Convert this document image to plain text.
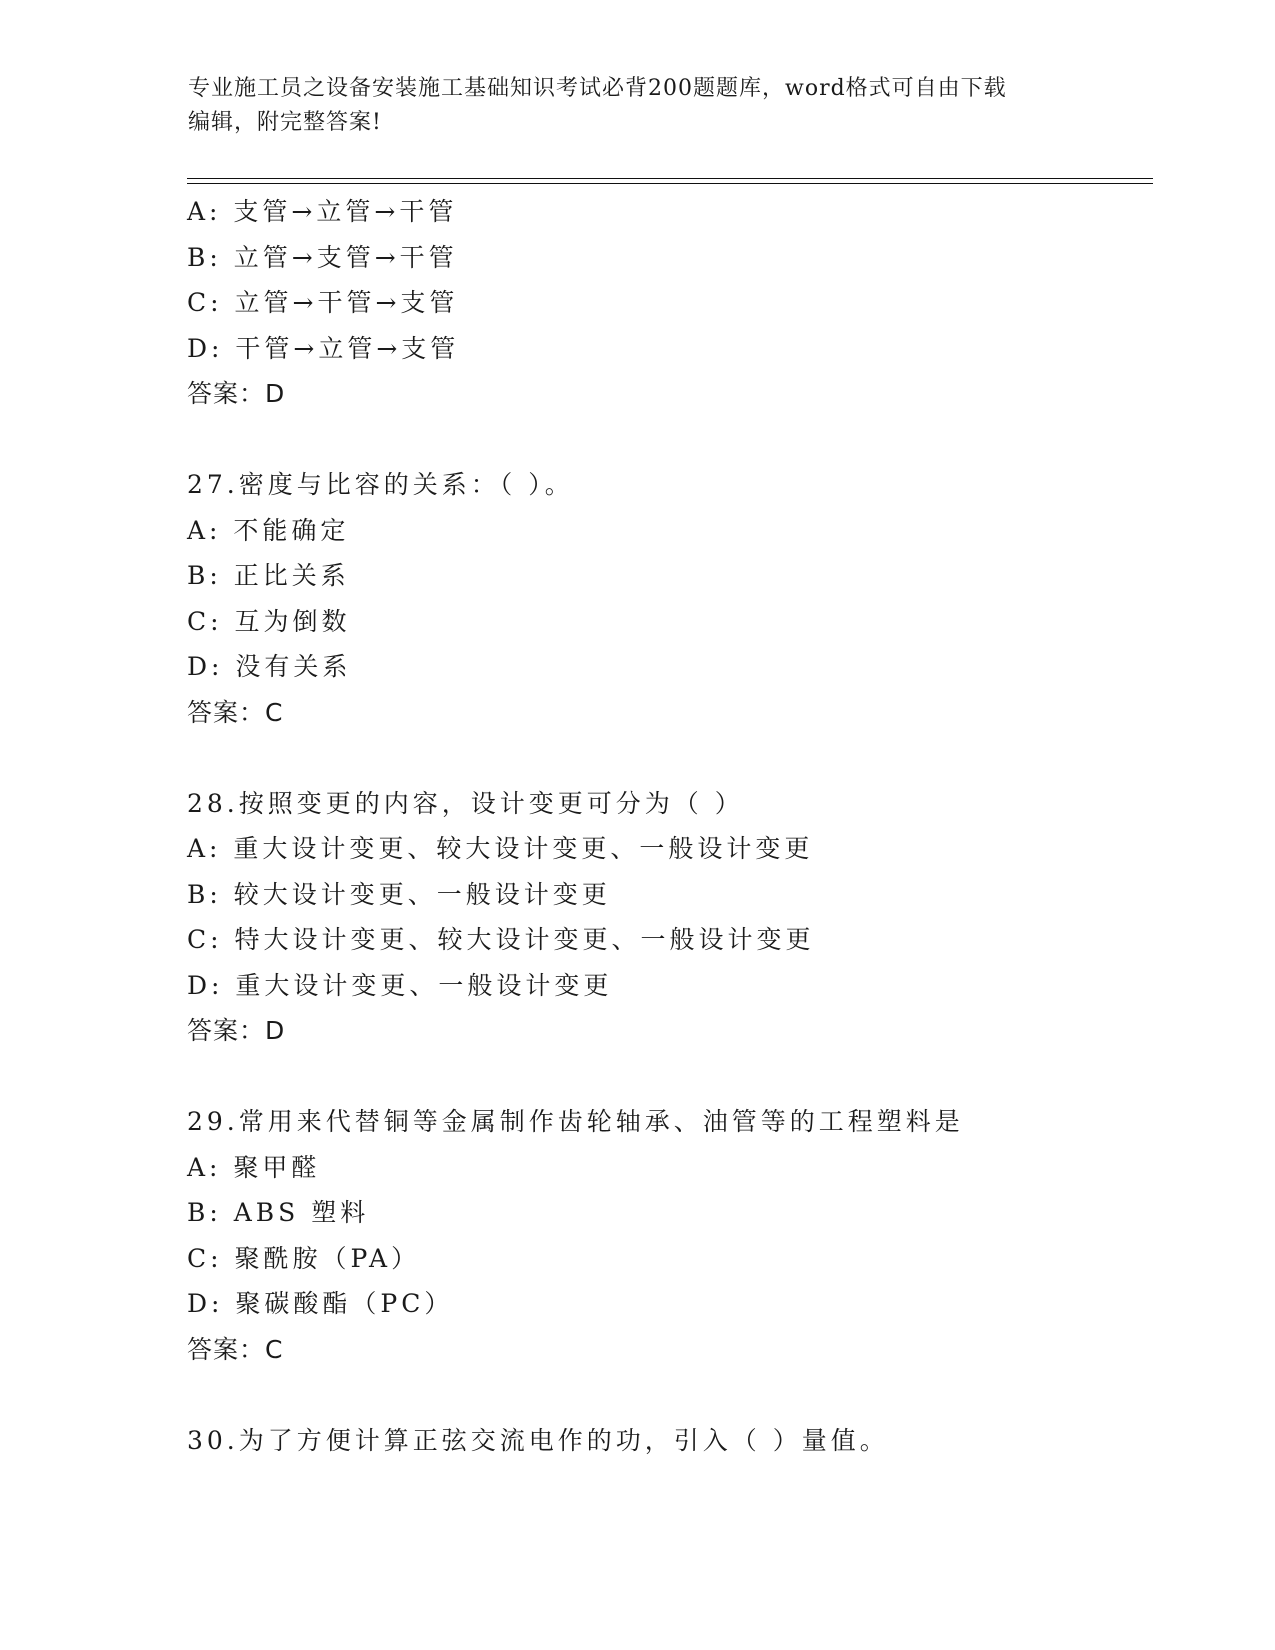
专业施工员之设备安装施工基础知识考试必背200题题库，word格式可自由下载
编辑，附完整答案!
A: 支管→立管→干管
B: 立管→支管→干管
C: 立管→干管→支管
D: 干管→立管→支管
答案：D
27.密度与比容的关系：（ ）。
A: 不能确定
B: 正比关系
C: 互为倒数
D: 没有关系
答案：C
28.按照变更的内容，设计变更可分为（ ）
A: 重大设计变更、较大设计变更、一般设计变更
B: 较大设计变更、一般设计变更
C: 特大设计变更、较大设计变更、一般设计变更
D: 重大设计变更、一般设计变更
答案：D
29.常用来代替铜等金属制作齿轮轴承、油管等的工程塑料是
A: 聚甲醛
B: ABS 塑料
C: 聚酰胺（PA）
D: 聚碳酸酯（PC）
答案：C
30.为了方便计算正弦交流电作的功，引入（ ）量值。
